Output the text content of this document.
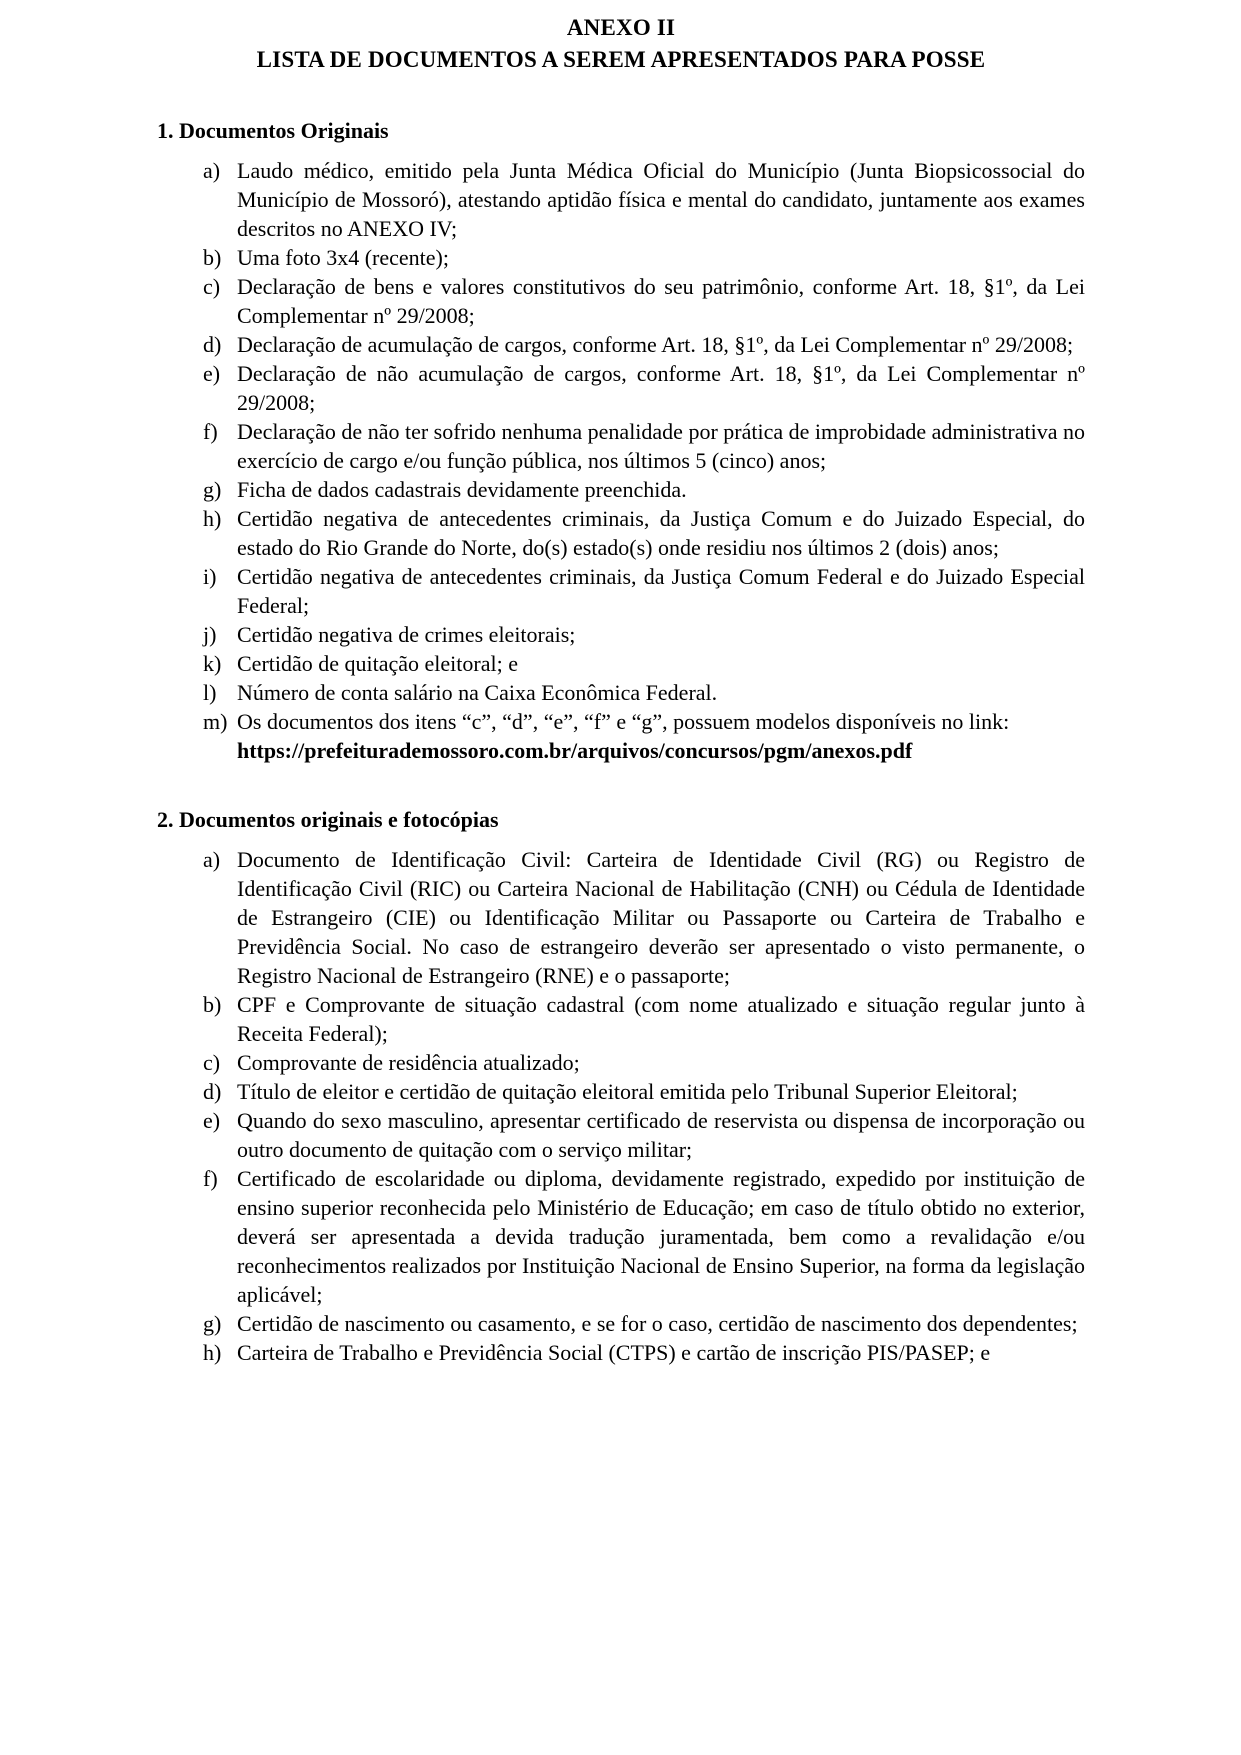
ANEXO II
LISTA DE DOCUMENTOS A SEREM APRESENTADOS PARA POSSE
1. Documentos Originais
a) Laudo médico, emitido pela Junta Médica Oficial do Município (Junta Biopsicossocial do Município de Mossoró), atestando aptidão física e mental do candidato, juntamente aos exames descritos no ANEXO IV;
b) Uma foto 3x4 (recente);
c) Declaração de bens e valores constitutivos do seu patrimônio, conforme Art. 18, §1º, da Lei Complementar nº 29/2008;
d) Declaração de acumulação de cargos, conforme Art. 18, §1º, da Lei Complementar nº 29/2008;
e) Declaração de não acumulação de cargos, conforme Art. 18, §1º, da Lei Complementar nº 29/2008;
f) Declaração de não ter sofrido nenhuma penalidade por prática de improbidade administrativa no exercício de cargo e/ou função pública, nos últimos 5 (cinco) anos;
g) Ficha de dados cadastrais devidamente preenchida.
h) Certidão negativa de antecedentes criminais, da Justiça Comum e do Juizado Especial, do estado do Rio Grande do Norte, do(s) estado(s) onde residiu nos últimos 2 (dois) anos;
i) Certidão negativa de antecedentes criminais, da Justiça Comum Federal e do Juizado Especial Federal;
j) Certidão negativa de crimes eleitorais;
k) Certidão de quitação eleitoral; e
l) Número de conta salário na Caixa Econômica Federal.
m) Os documentos dos itens “c”, “d”, “e”, “f” e “g”, possuem modelos disponíveis no link:
https://prefeiturademossoro.com.br/arquivos/concursos/pgm/anexos.pdf
2. Documentos originais e fotocópias
a) Documento de Identificação Civil: Carteira de Identidade Civil (RG) ou Registro de Identificação Civil (RIC) ou Carteira Nacional de Habilitação (CNH) ou Cédula de Identidade de Estrangeiro (CIE) ou Identificação Militar ou Passaporte ou Carteira de Trabalho e Previdência Social. No caso de estrangeiro deverão ser apresentado o visto permanente, o Registro Nacional de Estrangeiro (RNE) e o passaporte;
b) CPF e Comprovante de situação cadastral (com nome atualizado e situação regular junto à Receita Federal);
c) Comprovante de residência atualizado;
d) Título de eleitor e certidão de quitação eleitoral emitida pelo Tribunal Superior Eleitoral;
e) Quando do sexo masculino, apresentar certificado de reservista ou dispensa de incorporação ou outro documento de quitação com o serviço militar;
f) Certificado de escolaridade ou diploma, devidamente registrado, expedido por instituição de ensino superior reconhecida pelo Ministério de Educação; em caso de título obtido no exterior, deverá ser apresentada a devida tradução juramentada, bem como a revalidação e/ou reconhecimentos realizados por Instituição Nacional de Ensino Superior, na forma da legislação aplicável;
g) Certidão de nascimento ou casamento, e se for o caso, certidão de nascimento dos dependentes;
h) Carteira de Trabalho e Previdência Social (CTPS) e cartão de inscrição PIS/PASEP; e
